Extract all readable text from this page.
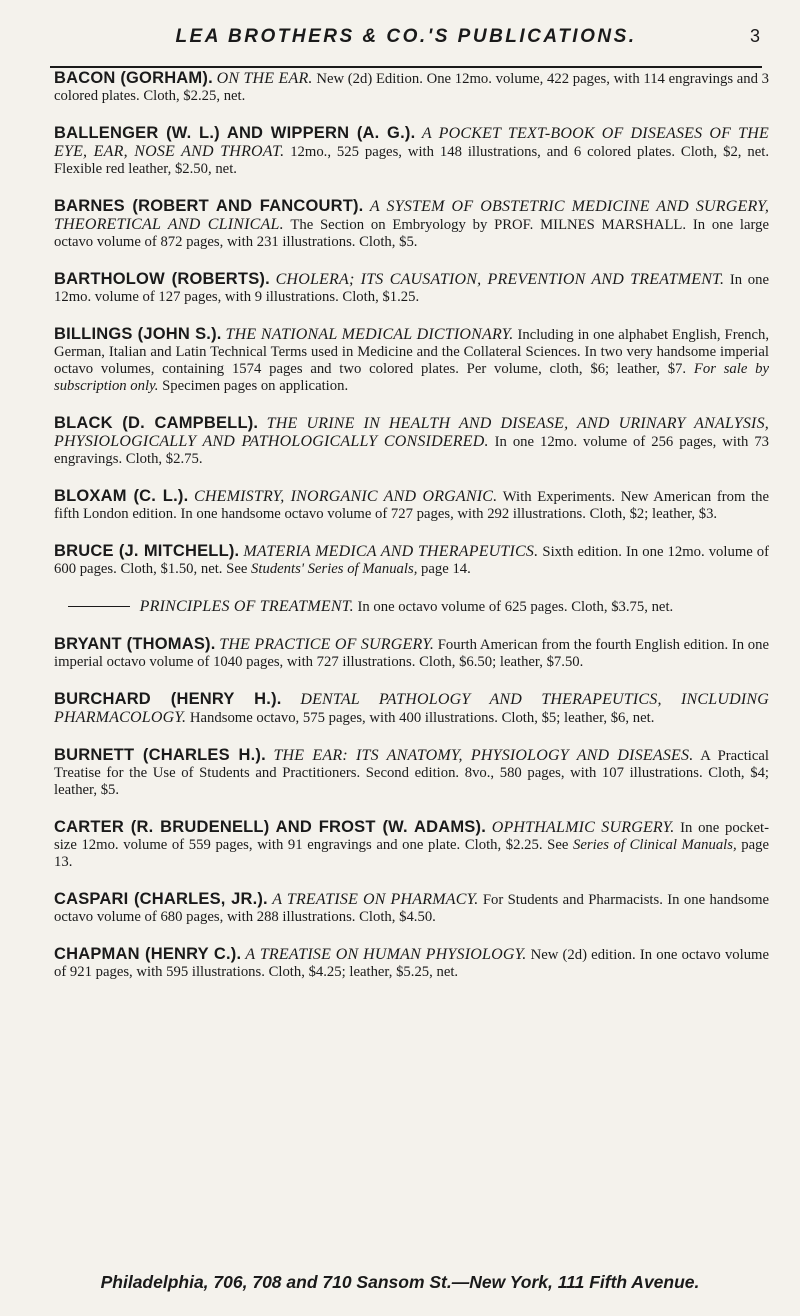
LEA BROTHERS & CO.'S PUBLICATIONS.	3

BACON (GORHAM). ON THE EAR. New (2d) Edition. One 12mo. volume, 422 pages, with 114 engravings and 3 colored plates. Cloth, $2.25, net.

BALLENGER (W. L.) AND WIPPERN (A. G.). A POCKET TEXT-BOOK OF DISEASES OF THE EYE, EAR, NOSE AND THROAT. 12mo., 525 pages, with 148 illustrations, and 6 colored plates. Cloth, $2, net. Flexible red leather, $2.50, net.

BARNES (ROBERT AND FANCOURT). A SYSTEM OF OBSTETRIC MEDICINE AND SURGERY, THEORETICAL AND CLINICAL. The Section on Embryology by PROF. MILNES MARSHALL. In one large octavo volume of 872 pages, with 231 illustrations. Cloth, $5.

BARTHOLOW (ROBERTS). CHOLERA; ITS CAUSATION, PREVENTION AND TREATMENT. In one 12mo. volume of 127 pages, with 9 illustrations. Cloth, $1.25.

BILLINGS (JOHN S.). THE NATIONAL MEDICAL DICTIONARY. Including in one alphabet English, French, German, Italian and Latin Technical Terms used in Medicine and the Collateral Sciences. In two very handsome imperial octavo volumes, containing 1574 pages and two colored plates. Per volume, cloth, $6; leather, $7. For sale by subscription only. Specimen pages on application.

BLACK (D. CAMPBELL). THE URINE IN HEALTH AND DISEASE, AND URINARY ANALYSIS, PHYSIOLOGICALLY AND PATHOLOGICALLY CONSIDERED. In one 12mo. volume of 256 pages, with 73 engravings. Cloth, $2.75.

BLOXAM (C. L.). CHEMISTRY, INORGANIC AND ORGANIC. With Experiments. New American from the fifth London edition. In one handsome octavo volume of 727 pages, with 292 illustrations. Cloth, $2; leather, $3.

BRUCE (J. MITCHELL). MATERIA MEDICA AND THERAPEUTICS. Sixth edition. In one 12mo. volume of 600 pages. Cloth, $1.50, net. See Students' Series of Manuals, page 14.

PRINCIPLES OF TREATMENT. In one octavo volume of 625 pages. Cloth, $3.75, net.

BRYANT (THOMAS). THE PRACTICE OF SURGERY. Fourth American from the fourth English edition. In one imperial octavo volume of 1040 pages, with 727 illustrations. Cloth, $6.50; leather, $7.50.

BURCHARD (HENRY H.). DENTAL PATHOLOGY AND THERAPEUTICS, INCLUDING PHARMACOLOGY. Handsome octavo, 575 pages, with 400 illustrations. Cloth, $5; leather, $6, net.

BURNETT (CHARLES H.). THE EAR: ITS ANATOMY, PHYSIOLOGY AND DISEASES. A Practical Treatise for the Use of Students and Practitioners. Second edition. 8vo., 580 pages, with 107 illustrations. Cloth, $4; leather, $5.

CARTER (R. BRUDENELL) AND FROST (W. ADAMS). OPHTHALMIC SURGERY. In one pocket-size 12mo. volume of 559 pages, with 91 engravings and one plate. Cloth, $2.25. See Series of Clinical Manuals, page 13.

CASPARI (CHARLES, JR.). A TREATISE ON PHARMACY. For Students and Pharmacists. In one handsome octavo volume of 680 pages, with 288 illustrations. Cloth, $4.50.

CHAPMAN (HENRY C.). A TREATISE ON HUMAN PHYSIOLOGY. New (2d) edition. In one octavo volume of 921 pages, with 595 illustrations. Cloth, $4.25; leather, $5.25, net.

Philadelphia, 706, 708 and 710 Sansom St.—New York, 111 Fifth Avenue.
